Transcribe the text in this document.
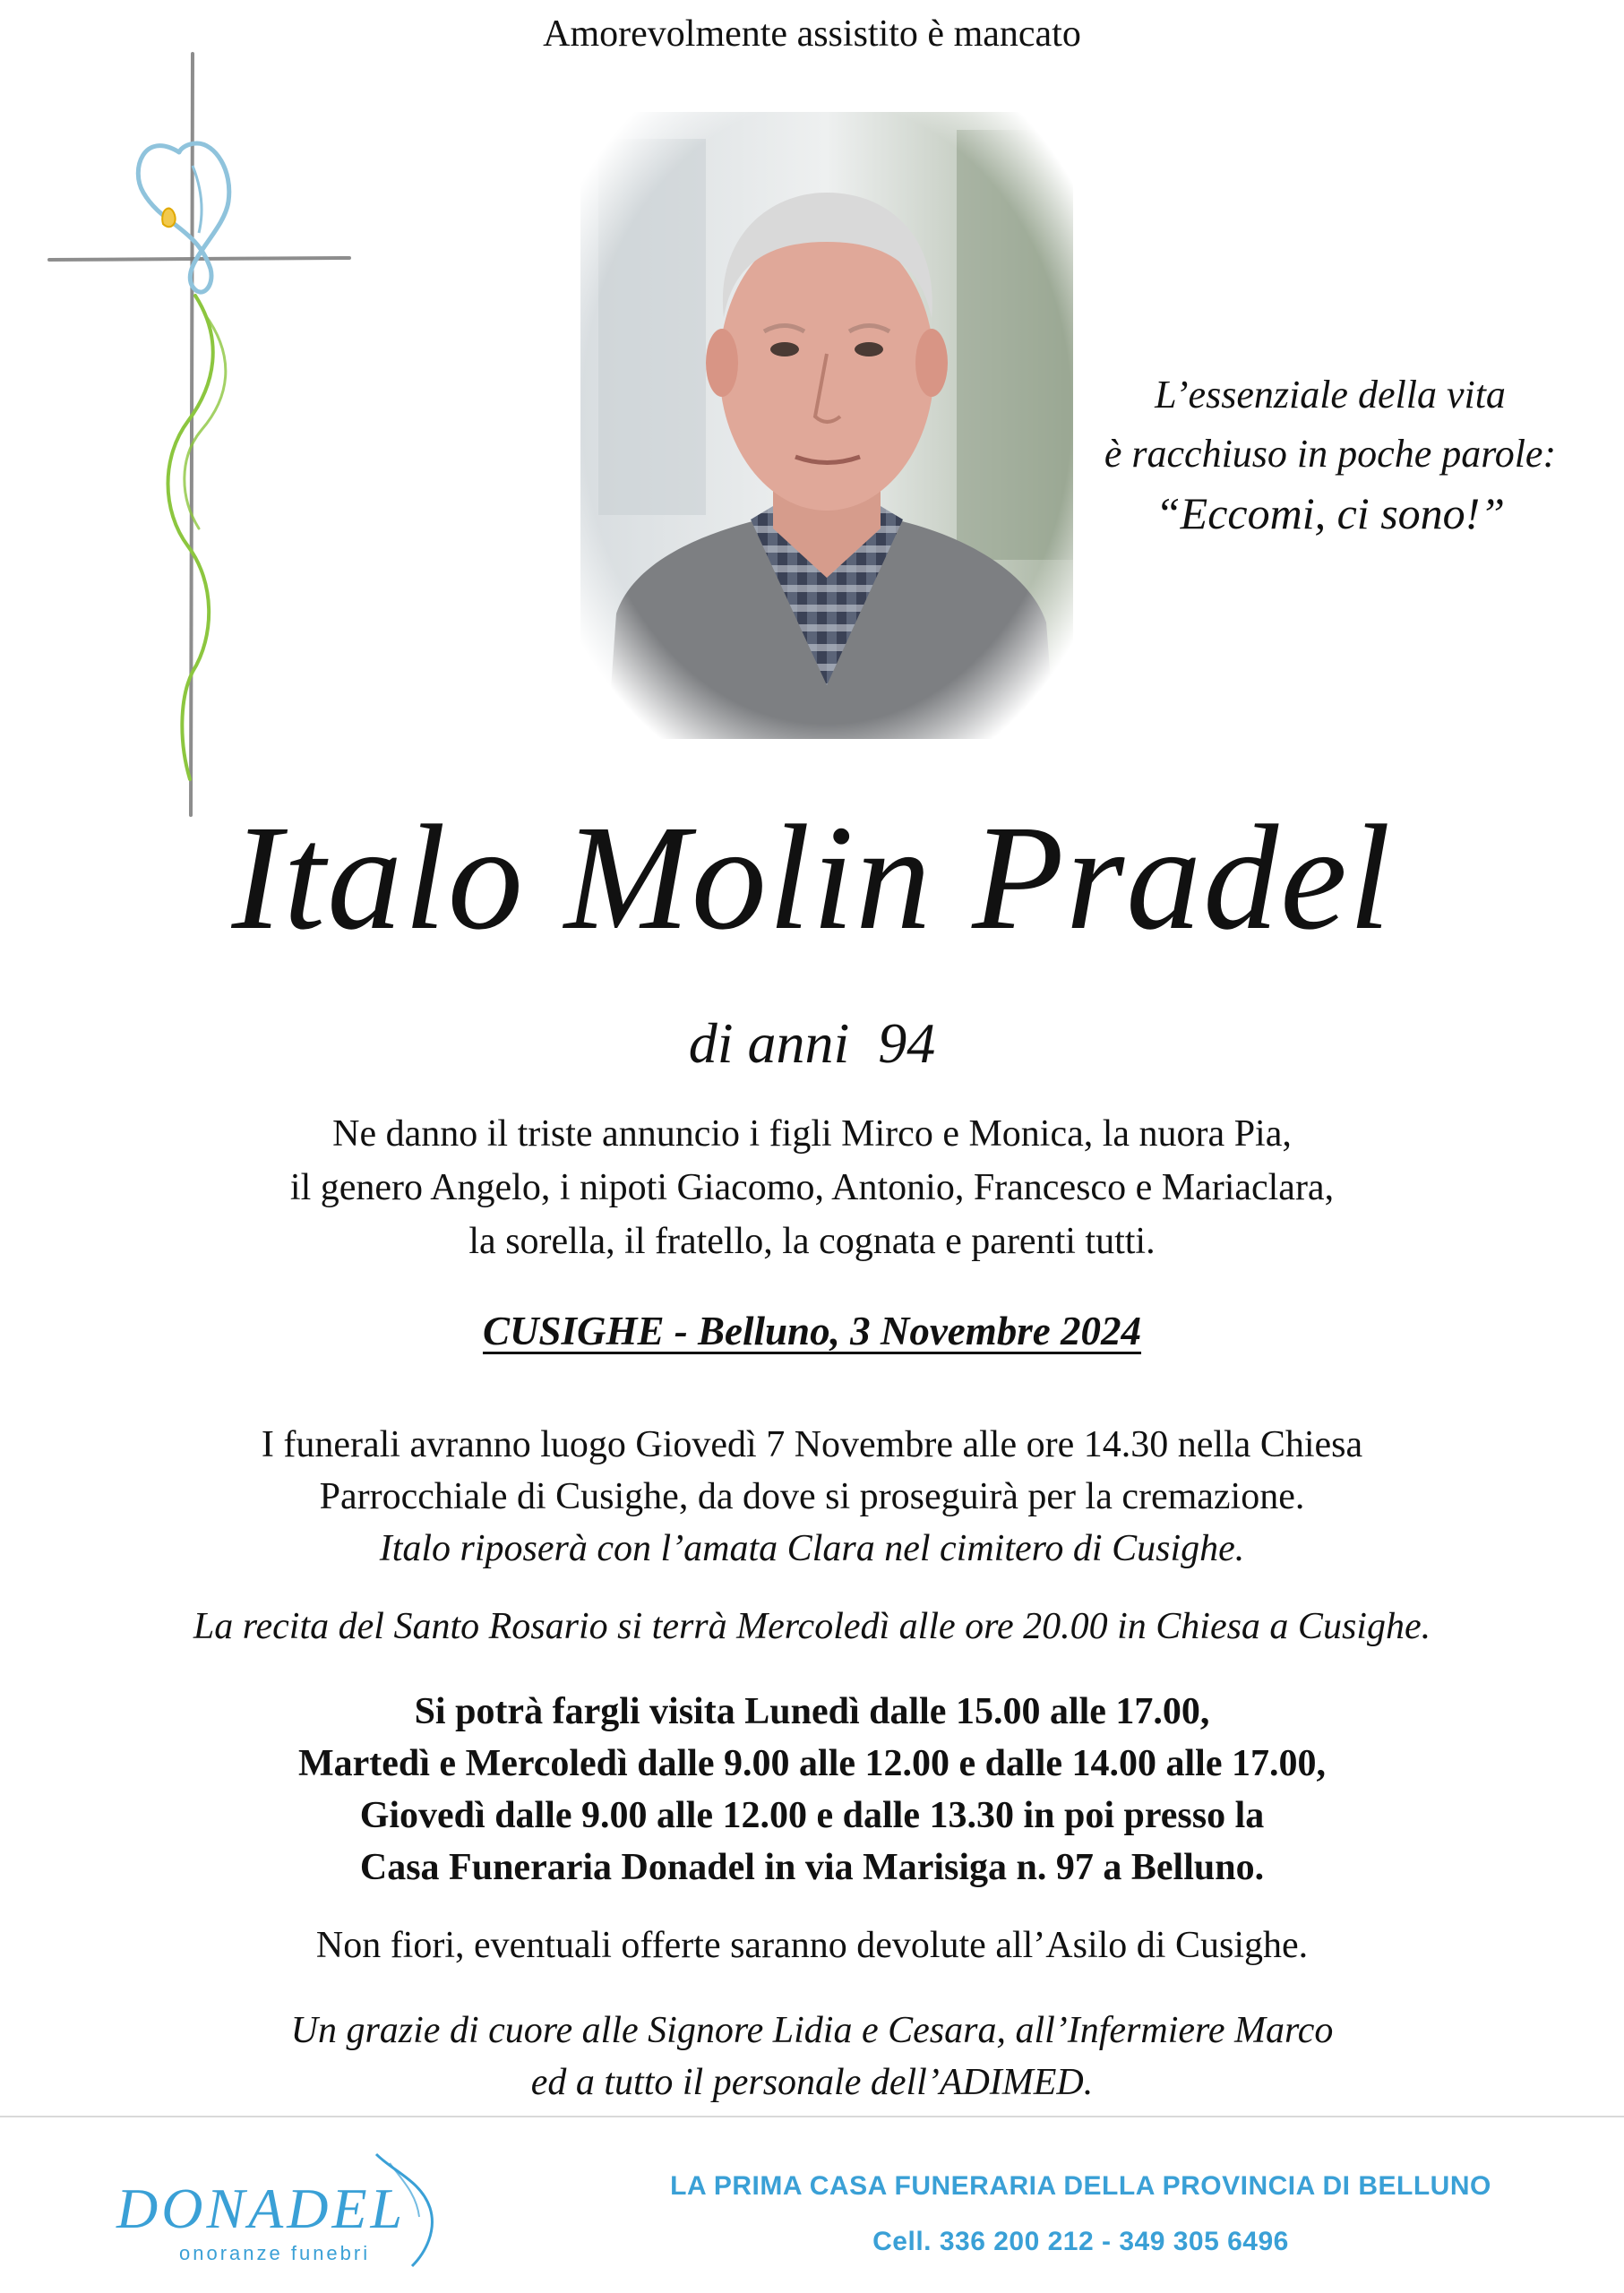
Amorevolmente assistito è mancato
L’essenziale della vita
è racchiuso in poche parole:
“Eccomi, ci sono!”
Italo Molin Pradel
di anni  94
Ne danno il triste annuncio i figli Mirco e Monica, la nuora Pia,
il genero Angelo, i nipoti Giacomo, Antonio, Francesco e Mariaclara,
la sorella, il fratello, la cognata e parenti tutti.
CUSIGHE - Belluno, 3 Novembre 2024
I funerali avranno luogo Giovedì 7 Novembre alle ore 14.30 nella Chiesa
Parrocchiale di Cusighe, da dove si proseguirà per la cremazione.
Italo riposerà con l’amata Clara nel cimitero di Cusighe.
La recita del Santo Rosario si terrà Mercoledì alle ore 20.00 in Chiesa a Cusighe.
Si potrà fargli visita Lunedì dalle 15.00 alle 17.00,
Martedì e Mercoledì dalle 9.00 alle 12.00 e dalle 14.00 alle 17.00,
Giovedì dalle 9.00 alle 12.00 e dalle 13.30 in poi presso la
Casa Funeraria Donadel in via Marisiga n. 97 a Belluno.
Non fiori, eventuali offerte saranno devolute all’Asilo di Cusighe.
Un grazie di cuore alle Signore Lidia e Cesara, all’Infermiere Marco
ed a tutto il personale dell’ADIMED.
DONADEL
onoranze funebri
LA PRIMA CASA FUNERARIA DELLA PROVINCIA DI BELLUNO
Cell. 336 200 212 - 349 305 6496
